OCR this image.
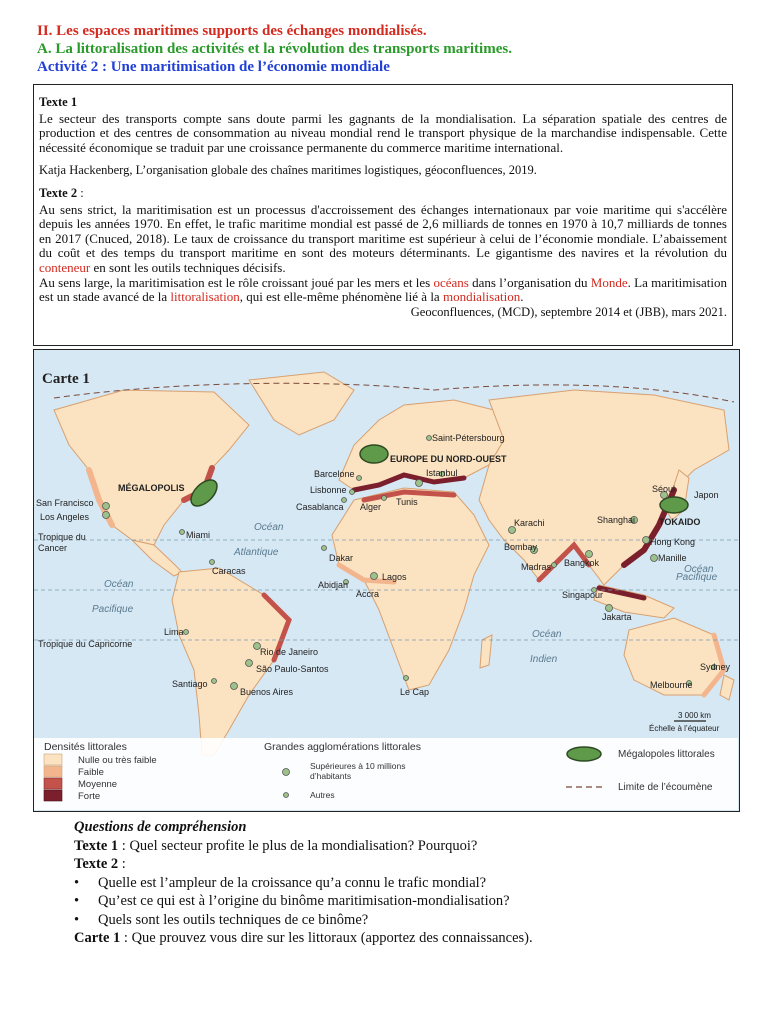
II. Les espaces maritimes supports des échanges mondialisés.
A. La littoralisation des activités et la révolution des transports maritimes.
Activité 2 : Une maritimisation de l’économie mondiale
Texte 1

Le secteur des transports compte sans doute parmi les gagnants de la mondialisation. La séparation spatiale des centres de production et des centres de consommation au niveau mondial rend le transport physique de la marchandise indispensable. Cette nécessité économique se traduit par une croissance permanente du commerce maritime international.

Katja Hackenberg, L’organisation globale des chaînes maritimes logistiques, géoconfluences, 2019.
Texte 2 :

Au sens strict, la maritimisation est un processus d'accroissement des échanges internationaux par voie maritime qui s'accélère depuis les années 1970. En effet, le trafic maritime mondial est passé de 2,6 milliards de tonnes en 1970 à 10,7 milliards de tonnes en 2017 (Cnuced, 2018). Le taux de croissance du transport maritime est supérieur à celui de l’économie mondiale. L’abaissement du coût et des temps du transport maritime en sont des moteurs déterminants. Le gigantisme des navires et la révolution du conteneur en sont les outils techniques décisifs.

Au sens large, la maritimisation est le rôle croissant joué par les mers et les océans dans l’organisation du Monde. La maritimisation est un stade avancé de la littoralisation, qui est elle-même phénomène lié à la mondialisation.

Geoconfluences, (MCD), septembre 2014 et (JBB), mars 2021.
Carte 1
EUROPE DU NORD-OUEST
MÉGALOPOLIS
TOKAIDO
Saint-Pétersbourg
Barcelone
Lisbonne
Istanbul
Casablanca Alger Tunis
San Francisco
Los Angeles
Miami
Caracas
Dakar
Abidjan
Lagos
Accra
Lima
Rio de Janeiro
São Paulo-Santos
Santiago
Buenos Aires	Le Cap
Karachi
Bombay
Madras Bangkok
Singapour
Jakarta
Shanghai
Hong Kong
Manille
Séoul
Japon
Sydney
Melbourne
Tropique du
Cancer
Tropique du Capricorne
Océan
Atlantique
Océan
Pacifique
Océan
Indien
Océan
Pacifique
3 000 km
Échelle à l’équateur
Densités littorales
Nulle ou très faible
Faible
Moyenne
Forte
Grandes agglomérations littorales
Supérieures à 10 millions
d’habitants
Autres
Mégalopoles littorales
Limite de l’écoumène
Questions de compréhension
Texte 1 : Quel secteur profite le plus de la mondialisation? Pourquoi?
Texte 2 :
• Quelle est l’ampleur de la croissance qu’a connu le trafic mondial?
• Qu’est ce qui est à l’origine du binôme maritimisation-mondialisation?
• Quels sont les outils techniques de ce binôme?
Carte 1 : Que prouvez vous dire sur les littoraux (apportez des connaissances).
